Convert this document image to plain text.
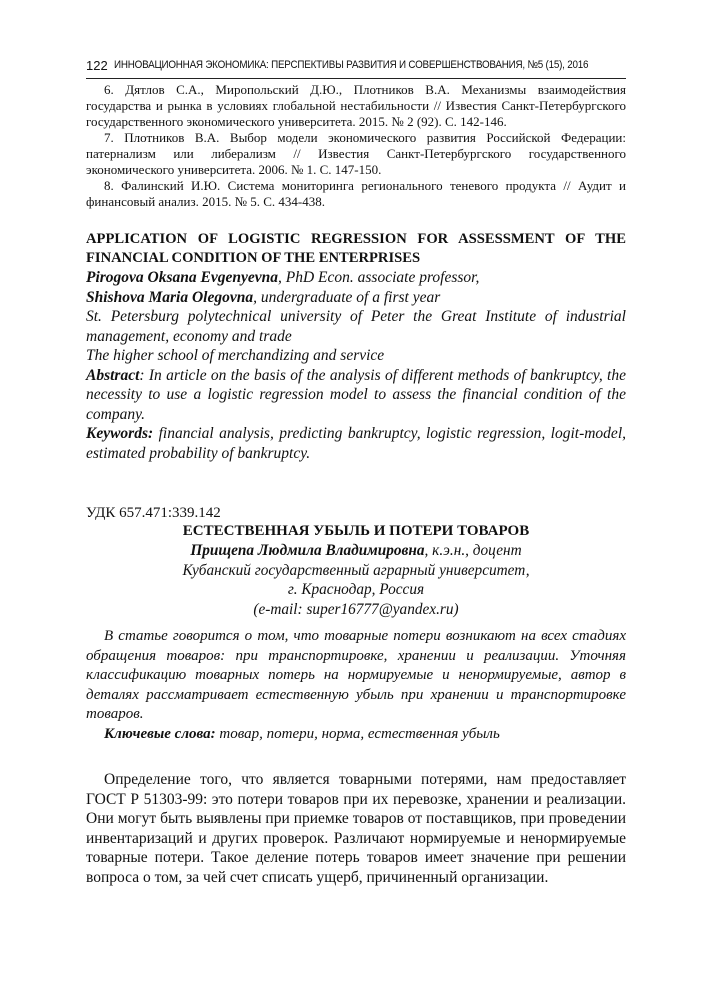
122 ИННОВАЦИОННАЯ ЭКОНОМИКА: ПЕРСПЕКТИВЫ РАЗВИТИЯ И СОВЕРШЕНСТВОВАНИЯ, №5 (15), 2016

6. Дятлов С.А., Миропольский Д.Ю., Плотников В.А. Механизмы взаимодействия государства и рынка в условиях глобальной нестабильности // Известия Санкт-Петербургского государственного экономического университета. 2015. № 2 (92). С. 142-146.

7. Плотников В.А. Выбор модели экономического развития Российской Федерации: патернализм или либерализм // Известия Санкт-Петербургского государственного экономического университета. 2006. № 1. С. 147-150.

8. Фалинский И.Ю. Система мониторинга регионального теневого продукта // Аудит и финансовый анализ. 2015. № 5. С. 434-438.

APPLICATION OF LOGISTIC REGRESSION FOR ASSESSMENT OF THE FINANCIAL CONDITION OF THE ENTERPRISES

Pirogova Oksana Evgenyevna, PhD Econ. associate professor,

Shishova Maria Olegovna, undergraduate of a first year

St. Petersburg polytechnical university of Peter the Great Institute of industrial management, economy and trade

The higher school of merchandizing and service

Abstract: In article on the basis of the analysis of different methods of bankruptcy, the necessity to use a logistic regression model to assess the financial condition of the company.

Keywords: financial analysis, predicting bankruptcy, logistic regression, logit-model, estimated probability of bankruptcy.

УДК 657.471:339.142
ЕСТЕСТВЕННАЯ УБЫЛЬ И ПОТЕРИ ТОВАРОВ
Прищепа Людмила Владимировна, к.э.н., доцент
Кубанский государственный аграрный университет,
г. Краснодар, Россия
(e-mail: super16777@yandex.ru)
В статье говорится о том, что товарные потери возникают на всех стадиях обращения товаров: при транспортировке, хранении и реализации. Уточняя классификацию товарных потерь на нормируемые и ненормируемые, автор в деталях рассматривает естественную убыль при хранении и транспортировке товаров.
Ключевые слова: товар, потери, норма, естественная убыль
Определение того, что является товарными потерями, нам предоставляет ГОСТ Р 51303-99: это потери товаров при их перевозке, хранении и реализации. Они могут быть выявлены при приемке товаров от поставщиков, при проведении инвентаризаций и других проверок. Различают нормируемые и ненормируемые товарные потери. Такое деление потерь товаров имеет значение при решении вопроса о том, за чей счет списать ущерб, причиненный организации.
